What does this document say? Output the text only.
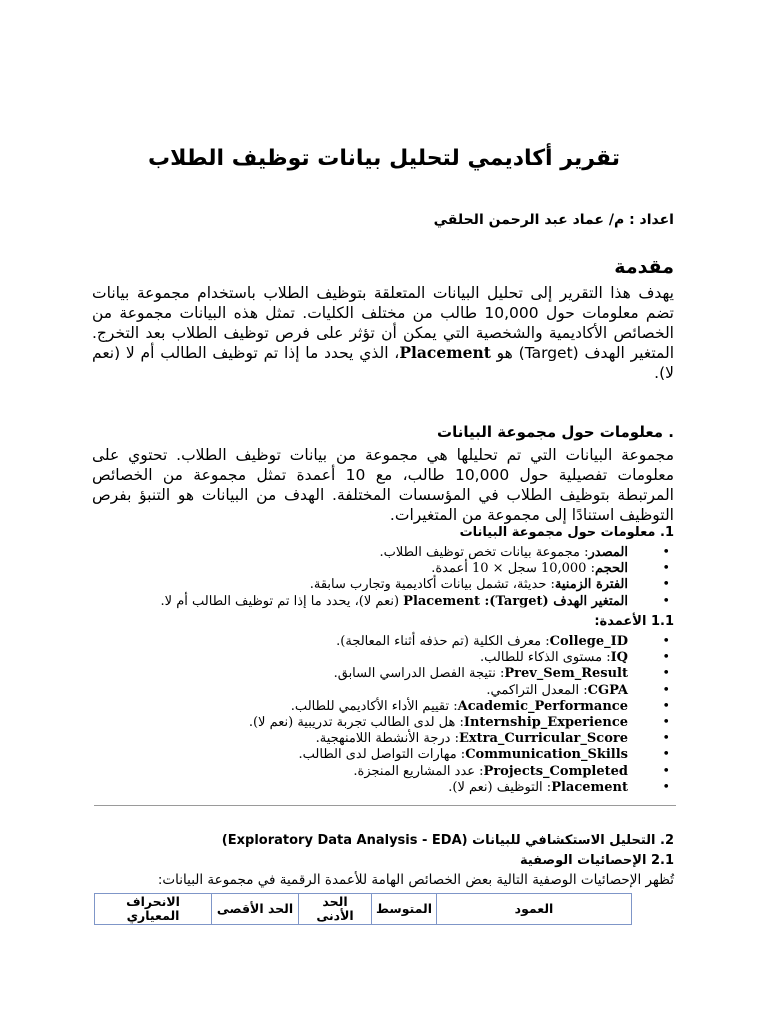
تقرير أكاديمي لتحليل بيانات توظيف الطلاب
اعداد : م/ عماد عبد الرحمن الحلقي
مقدمة
يهدف هذا التقرير إلى تحليل البيانات المتعلقة بتوظيف الطلاب باستخدام مجموعة بيانات تضم معلومات حول 10,000 طالب من مختلف الكليات. تمثل هذه البيانات مجموعة من الخصائص الأكاديمية والشخصية التي يمكن أن تؤثر على فرص توظيف الطلاب بعد التخرج. المتغير الهدف (Target) هو Placement، الذي يحدد ما إذا تم توظيف الطالب أم لا (نعم لا).
. معلومات حول مجموعة البيانات
مجموعة البيانات التي تم تحليلها هي مجموعة من بيانات توظيف الطلاب. تحتوي على معلومات تفصيلية حول 10,000 طالب، مع 10 أعمدة تمثل مجموعة من الخصائص المرتبطة بتوظيف الطلاب في المؤسسات المختلفة. الهدف من البيانات هو التنبؤ بفرص التوظيف استنادًا إلى مجموعة من المتغيرات.
1. معلومات حول مجموعة البيانات
• المصدر: مجموعة بيانات تخص توظيف الطلاب.
• الحجم: 10,000 سجل × 10 أعمدة.
• الفترة الزمنية: حديثة، تشمل بيانات أكاديمية وتجارب سابقة.
• المتغير الهدف (Target): Placement (نعم لا)، يحدد ما إذا تم توظيف الطالب أم لا.
1.1 الأعمدة:
• College_ID: معرف الكلية (تم حذفه أثناء المعالجة).
• IQ: مستوى الذكاء للطالب.
• Prev_Sem_Result: نتيجة الفصل الدراسي السابق.
• CGPA: المعدل التراكمي.
• Academic_Performance: تقييم الأداء الأكاديمي للطالب.
• Internship_Experience: هل لدى الطالب تجربة تدريبية (نعم لا).
• Extra_Curricular_Score: درجة الأنشطة اللامنهجية.
• Communication_Skills: مهارات التواصل لدى الطالب.
• Projects_Completed: عدد المشاريع المنجزة.
• Placement: التوظيف (نعم لا).
2. التحليل الاستكشافي للبيانات (Exploratory Data Analysis - EDA)
2.1 الإحصائيات الوصفية
تُظهر الإحصائيات الوصفية التالية بعض الخصائص الهامة للأعمدة الرقمية في مجموعة البيانات:
العمود	المتوسط	الحد الأدنى	الحد الأقصى	الانحراف المعياري
